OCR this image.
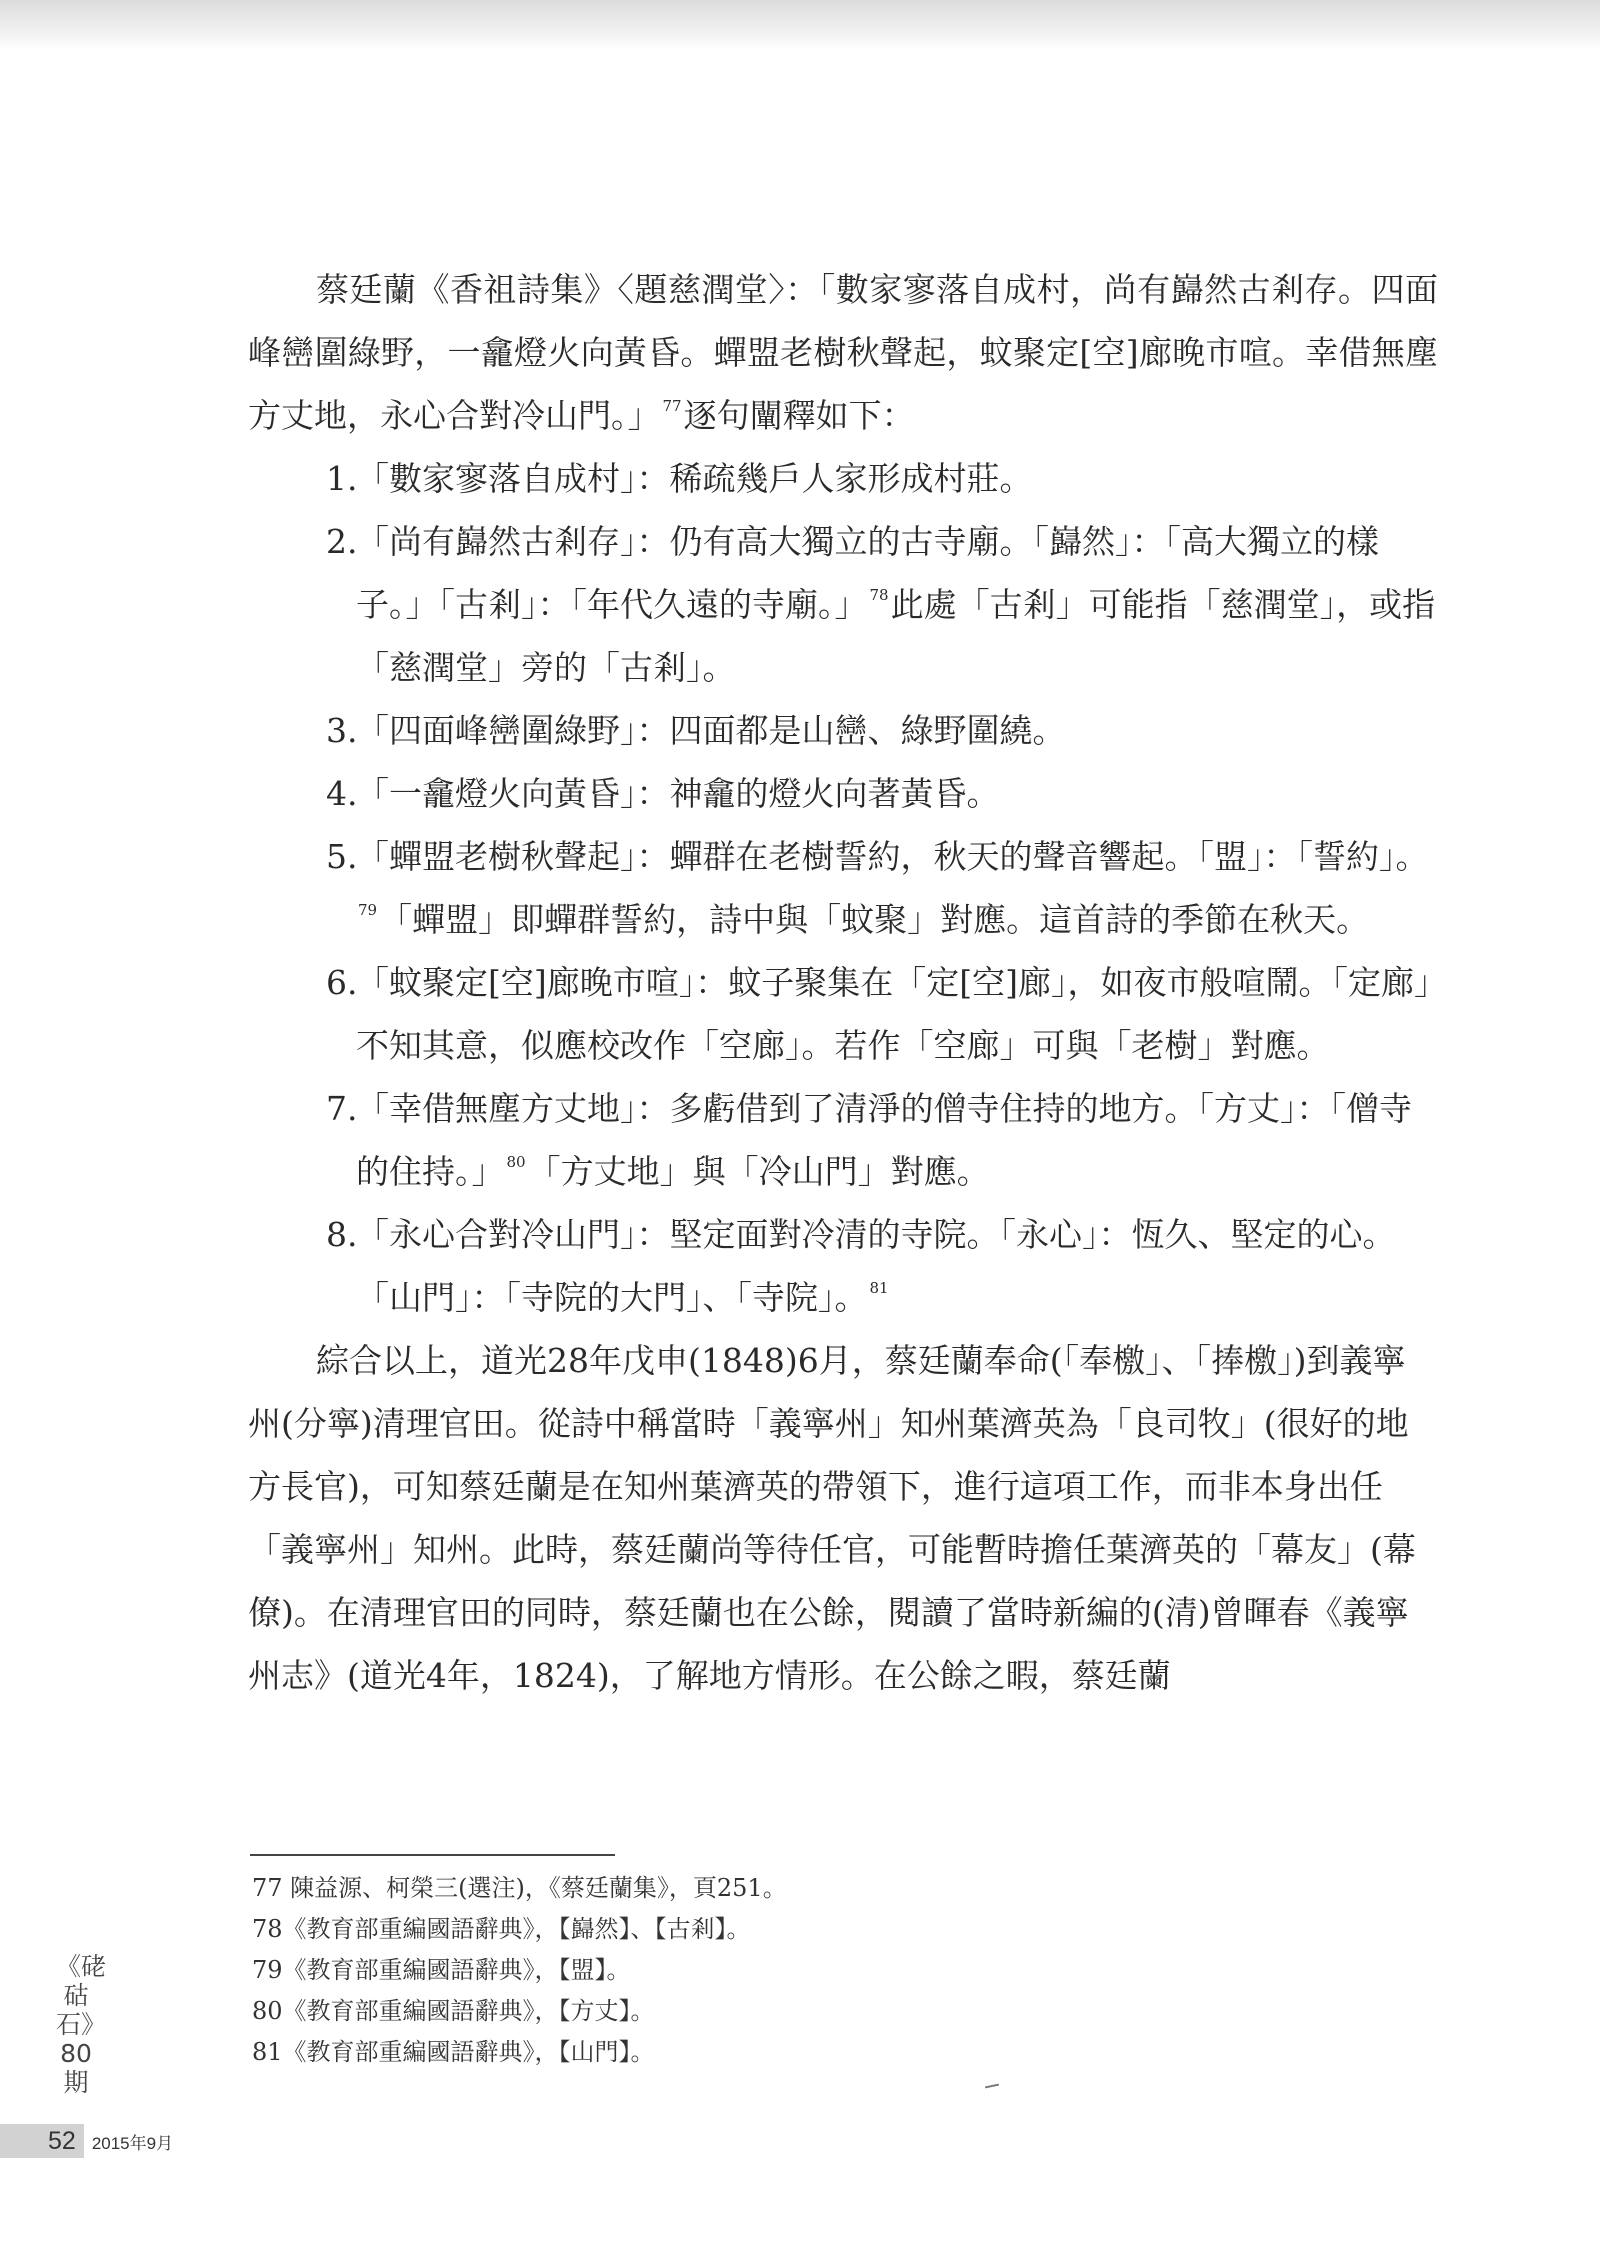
蔡廷蘭《香祖詩集》〈題慈潤堂〉：「數家寥落自成村，尚有巋然古剎存。四面峰巒圍綠野，一龕燈火向黃昏。蟬盟老樹秋聲起，蚊聚定[空]廊晚市喧。幸借無塵方丈地，永心合對冷山門。」 $^{77}$逐句闡釋如下：

1.
「數家寥落自成村」：稀疏幾戶人家形成村莊。
2.
「尚有巋然古剎存」：仍有高大獨立的古寺廟。「巋然」：「高大獨立的樣子。」「古剎」：「年代久遠的寺廟。」 $^{78}$此處「古剎」可能指「慈潤堂」，或指「慈潤堂」旁的「古剎」。
3.
「四面峰巒圍綠野」：四面都是山巒、綠野圍繞。
4.
「一龕燈火向黃昏」：神龕的燈火向著黃昏。
5.
「蟬盟老樹秋聲起」：蟬群在老樹誓約，秋天的聲音響起。「盟」：「誓約」。$^{79}$「蟬盟」即蟬群誓約，詩中與「蚊聚」對應。這首詩的季節在秋天。
6.
「蚊聚定[空]廊晚市喧」：蚊子聚集在「定[空]廊」，如夜市般喧鬧。「定廊」不知其意，似應校改作「空廊」。若作「空廊」可與「老樹」對應。
7.
「幸借無塵方丈地」：多虧借到了清淨的僧寺住持的地方。「方丈」：「僧寺的住持。」 $^{80}$「方丈地」與「冷山門」對應。
8.
「永心合對冷山門」：堅定面對冷清的寺院。「永心」：恆久、堅定的心。「山門」：「寺院的大門」、「寺院」。 $^{81}$

綜合以上，道光28年戊申(1848)6月，蔡廷蘭奉命(「奉檄」、「捧檄」)到義寧州(分寧)清理官田。從詩中稱當時「義寧州」知州葉濟英為「良司牧」(很好的地方長官)，可知蔡廷蘭是在知州葉濟英的帶領下，進行這項工作，而非本身出任「義寧州」知州。此時，蔡廷蘭尚等待任官，可能暫時擔任葉濟英的「幕友」(幕僚)。在清理官田的同時，蔡廷蘭也在公餘，閱讀了當時新編的(清)曾暉春《義寧州志》(道光4年，1824)，了解地方情形。在公餘之暇，蔡廷蘭

77 陳益源、柯榮三(選注)，《蔡廷蘭集》，頁251。

78《教育部重編國語辭典》，【巋然】、【古剎】。

79《教育部重編國語辭典》，【盟】。

80《教育部重編國語辭典》，【方丈】。

81《教育部重編國語辭典》，【山門】。

《硓𥑮石》
80
期
52 2015年9月
